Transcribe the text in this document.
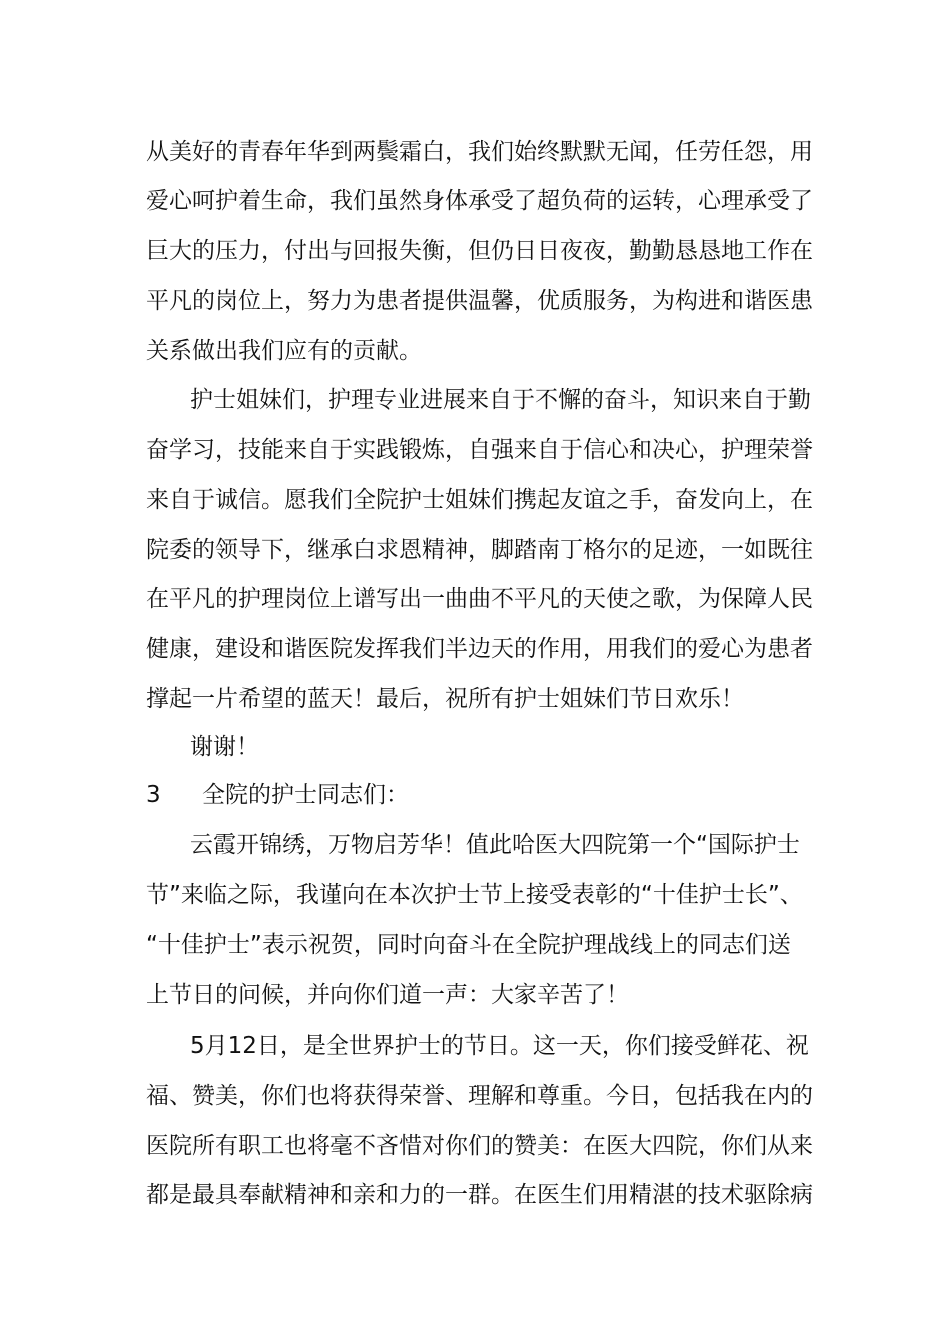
从美好的青春年华到两鬓霜白，我们始终默默无闻，任劳任怨，用
爱心呵护着生命，我们虽然身体承受了超负荷的运转，心理承受了
巨大的压力，付出与回报失衡，但仍日日夜夜，勤勤恳恳地工作在
平凡的岗位上，努力为患者提供温馨，优质服务，为构进和谐医患
关系做出我们应有的贡献。
护士姐妹们，护理专业进展来自于不懈的奋斗，知识来自于勤
奋学习，技能来自于实践锻炼，自强来自于信心和决心，护理荣誉
来自于诚信。愿我们全院护士姐妹们携起友谊之手，奋发向上，在
院委的领导下，继承白求恩精神，脚踏南丁格尔的足迹，一如既往
在平凡的护理岗位上谱写出一曲曲不平凡的天使之歌，为保障人民
健康，建设和谐医院发挥我们半边天的作用，用我们的爱心为患者
撑起一片希望的蓝天！最后，祝所有护士姐妹们节日欢乐！
谢谢！
3 全院的护士同志们：
云霞开锦绣，万物启芳华！值此哈医大四院第一个“国际护士
节”来临之际，我谨向在本次护士节上接受表彰的“十佳护士长”、
“十佳护士”表示祝贺，同时向奋斗在全院护理战线上的同志们送
上节日的问候，并向你们道一声：大家辛苦了！
5月12日，是全世界护士的节日。这一天，你们接受鲜花、祝
福、赞美，你们也将获得荣誉、理解和尊重。今日，包括我在内的
医院所有职工也将毫不吝惜对你们的赞美：在医大四院，你们从来
都是最具奉献精神和亲和力的一群。在医生们用精湛的技术驱除病
